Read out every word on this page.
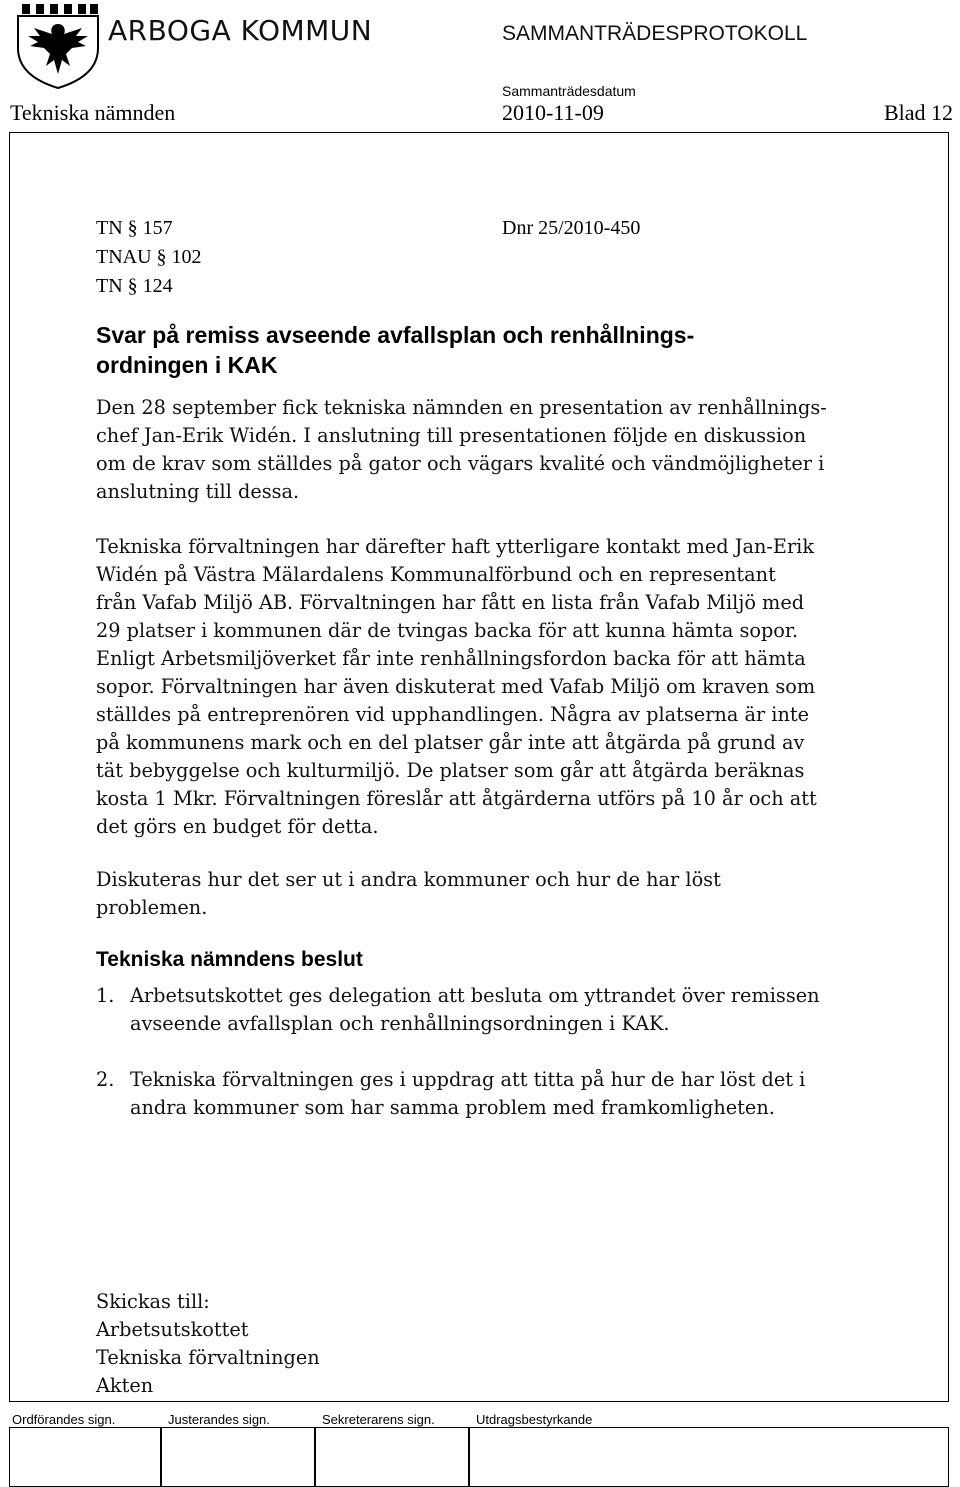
ARBOGA KOMMUN	SAMMANTRÄDESPROTOKOLL
Sammanträdesdatum
Tekniska nämnden	2010-11-09	Blad 12
TN § 157
TNAU § 102
TN § 124
Dnr 25/2010-450
Svar på remiss avseende avfallsplan och renhållnings-
ordningen i KAK

Den 28 september fick tekniska nämnden en presentation av renhållnings-

chef Jan-Erik Widén. I anslutning till presentationen följde en diskussion

om de krav som ställdes på gator och vägars kvalité och vändmöjligheter i

anslutning till dessa.

Tekniska förvaltningen har därefter haft ytterligare kontakt med Jan-Erik

Widén på Västra Mälardalens Kommunalförbund och en representant

från Vafab Miljö AB. Förvaltningen har fått en lista från Vafab Miljö med

29 platser i kommunen där de tvingas backa för att kunna hämta sopor.

Enligt Arbetsmiljöverket får inte renhållningsfordon backa för att hämta

sopor. Förvaltningen har även diskuterat med Vafab Miljö om kraven som

ställdes på entreprenören vid upphandlingen. Några av platserna är inte

på kommunens mark och en del platser går inte att åtgärda på grund av

tät bebyggelse och kulturmiljö. De platser som går att åtgärda beräknas

kosta 1 Mkr. Förvaltningen föreslår att åtgärderna utförs på 10 år och att

det görs en budget för detta.

Diskuteras hur det ser ut i andra kommuner och hur de har löst

problemen.

Tekniska nämndens beslut
1. Arbetsutskottet ges delegation att besluta om yttrandet över remissen

avseende avfallsplan och renhållningsordningen i KAK.

2. Tekniska förvaltningen ges i uppdrag att titta på hur de har löst det i

andra kommuner som har samma problem med framkomligheten.

Skickas till:

Arbetsutskottet

Tekniska förvaltningen

Akten

Ordförandes sign.	Justerandes sign.	Sekreterarens sign.	Utdragsbestyrkande
